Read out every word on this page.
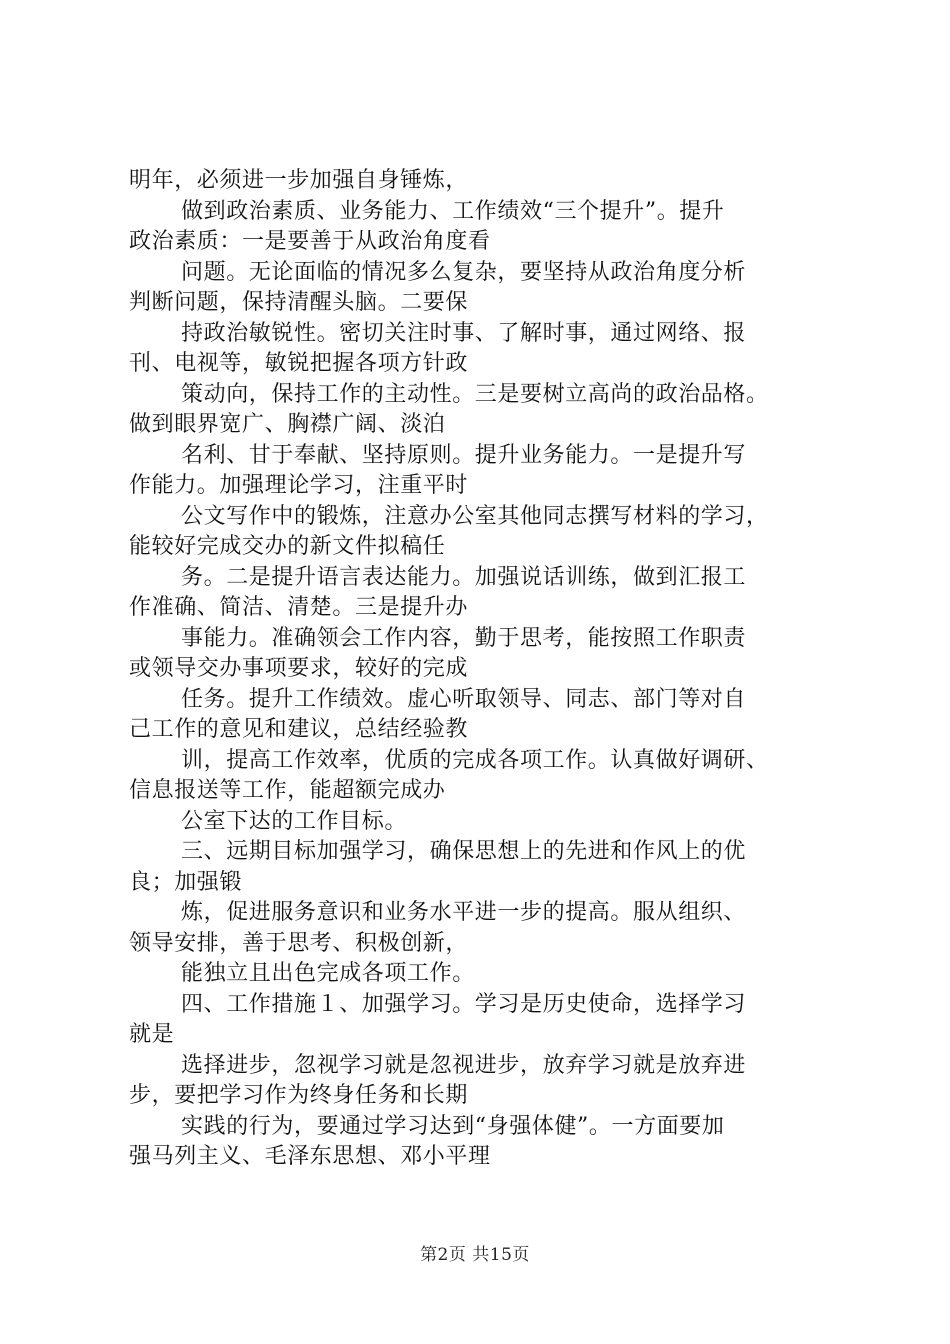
明年，必须进一步加强自身锤炼，
做到政治素质、业务能力、工作绩效“三个提升”。提升
政治素质：一是要善于从政治角度看
问题。无论面临的情况多么复杂，要坚持从政治角度分析
判断问题，保持清醒头脑。二要保
持政治敏锐性。密切关注时事、了解时事，通过网络、报
刊、电视等，敏锐把握各项方针政
策动向，保持工作的主动性。三是要树立高尚的政治品格。
做到眼界宽广、胸襟广阔、淡泊
名利、甘于奉献、坚持原则。提升业务能力。一是提升写
作能力。加强理论学习，注重平时
公文写作中的锻炼，注意办公室其他同志撰写材料的学习，
能较好完成交办的新文件拟稿任
务。二是提升语言表达能力。加强说话训练，做到汇报工
作准确、简洁、清楚。三是提升办
事能力。准确领会工作内容，勤于思考，能按照工作职责
或领导交办事项要求，较好的完成
任务。提升工作绩效。虚心听取领导、同志、部门等对自
己工作的意见和建议，总结经验教
训，提高工作效率，优质的完成各项工作。认真做好调研、
信息报送等工作，能超额完成办
公室下达的工作目标。
三、远期目标加强学习，确保思想上的先进和作风上的优
良；加强锻
炼，促进服务意识和业务水平进一步的提高。服从组织、
领导安排，善于思考、积极创新，
能独立且出色完成各项工作。
四、工作措施１、加强学习。学习是历史使命，选择学习
就是
选择进步，忽视学习就是忽视进步，放弃学习就是放弃进
步，要把学习作为终身任务和长期
实践的行为，要通过学习达到“身强体健”。一方面要加
强马列主义、毛泽东思想、邓小平理
第2页 共15页
